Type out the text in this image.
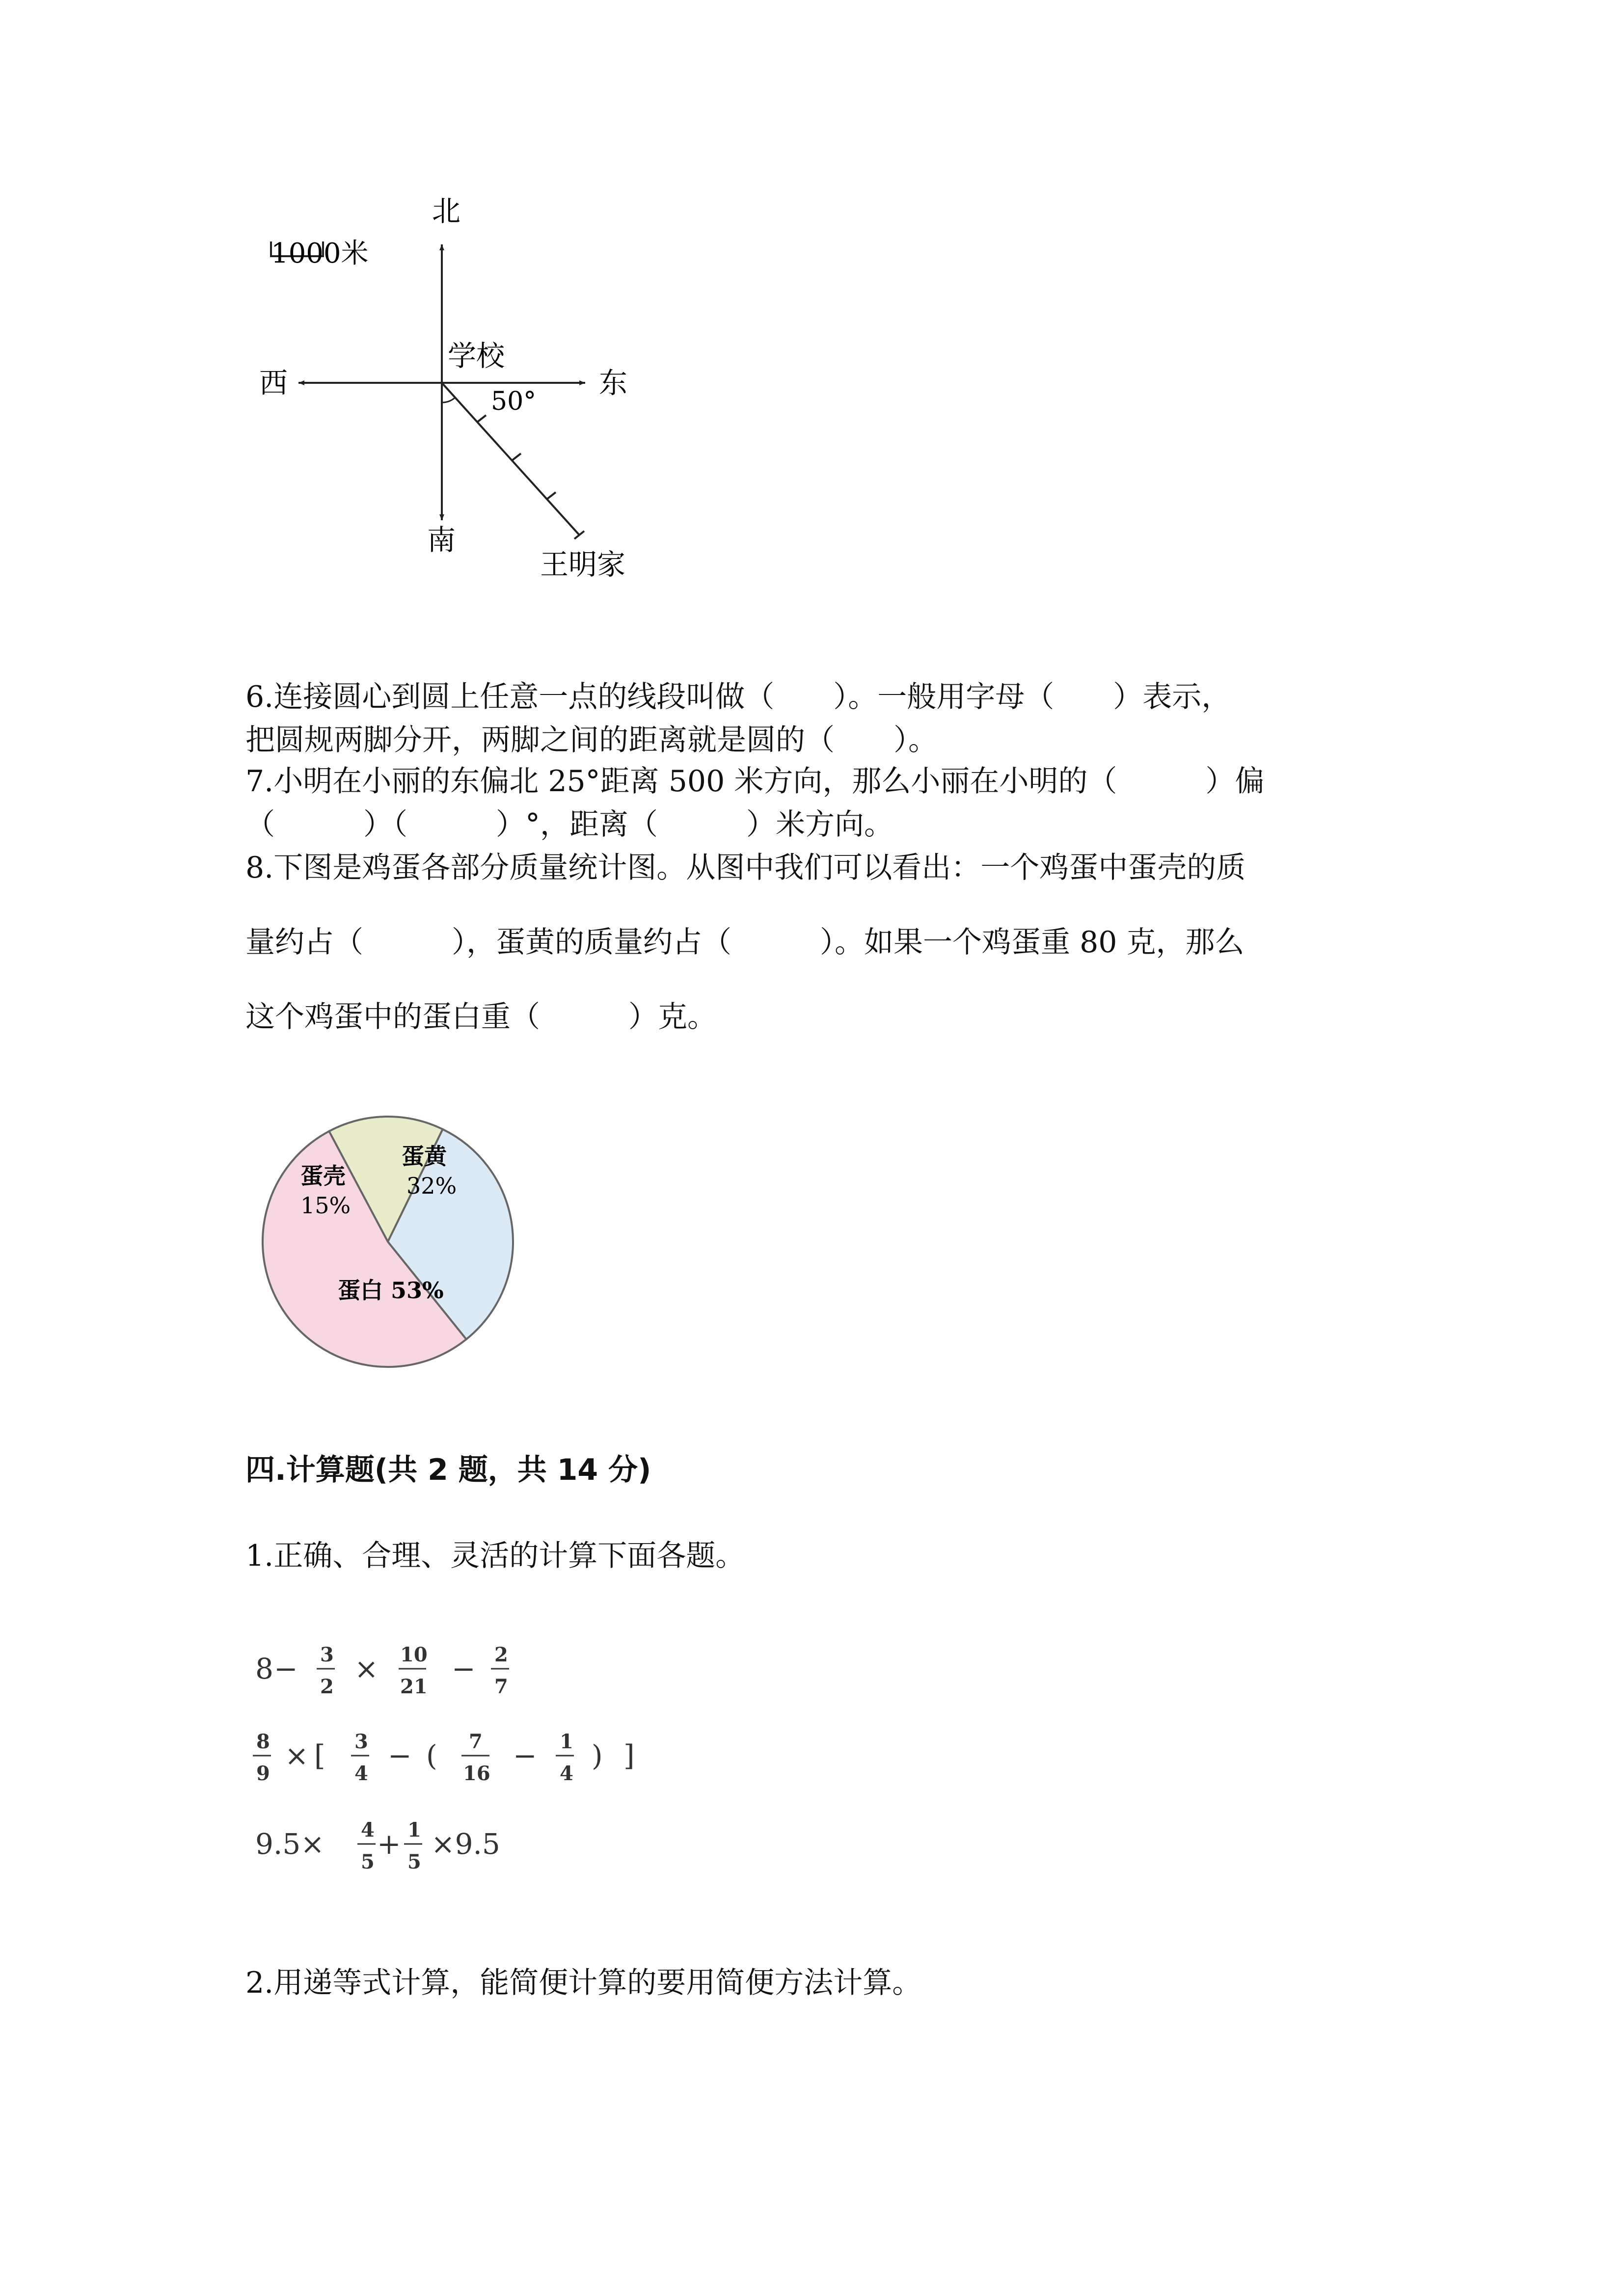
北
南
西	东
1000米
学校
50°
王明家
6.连接圆心到圆上任意一点的线段叫做（　　）。一般用字母（　　）表示，
把圆规两脚分开，两脚之间的距离就是圆的（　　）。
7.小明在小丽的东偏北 25°距离 500 米方向，那么小丽在小明的（　　　）偏
（　　　）（　　　）°，距离（　　　）米方向。
8.下图是鸡蛋各部分质量统计图。从图中我们可以看出：一个鸡蛋中蛋壳的质
量约占（　　　），蛋黄的质量约占（　　　）。如果一个鸡蛋重 80 克，那么
这个鸡蛋中的蛋白重（　　　）克。
蛋壳
15%
蛋黄
32%
蛋白 53%
四.计算题(共 2 题，共 14 分)
1.正确、合理、灵活的计算下面各题。
8 − 3
2
× 10
21
− 2
7
8
9
× [ 3
4
− ( 7
16
− 1
4
) ]
9.5× 4
5
+ 1
5
×9.5
2.用递等式计算，能简便计算的要用简便方法计算。
